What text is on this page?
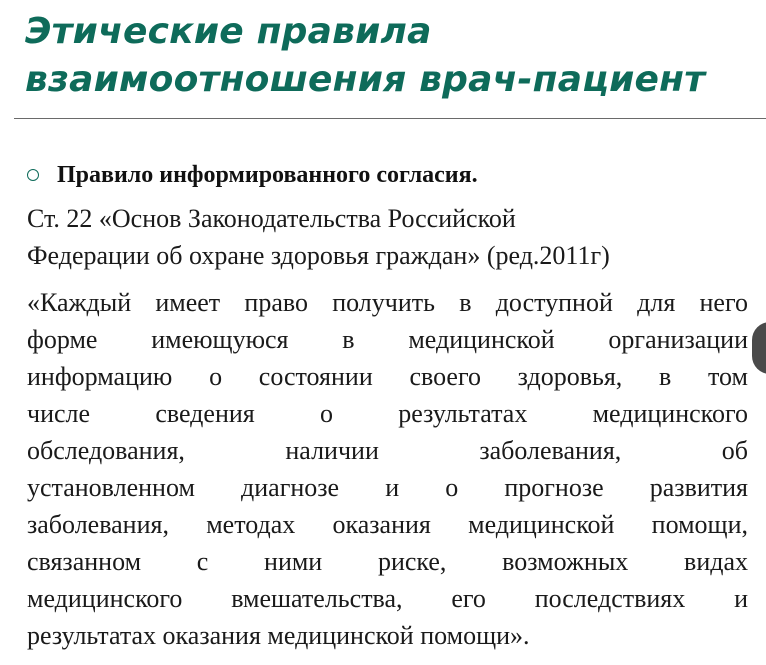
Этические правила
взаимоотношения врач-пациент
Правило информированного согласия.

Ст. 22 «Основ Законодательства Российской
Федерации об охране здоровья граждан» (ред.2011г)

«Каждый имеет право получить в доступной для него
форме имеющуюся в медицинской организации
информацию о состоянии своего здоровья, в том
числе сведения о результатах медицинского
обследования, наличии заболевания, об
установленном диагнозе и о прогнозе развития
заболевания, методах оказания медицинской помощи,
связанном с ними риске, возможных видах
медицинского вмешательства, его последствиях и
результатах оказания медицинской помощи».
